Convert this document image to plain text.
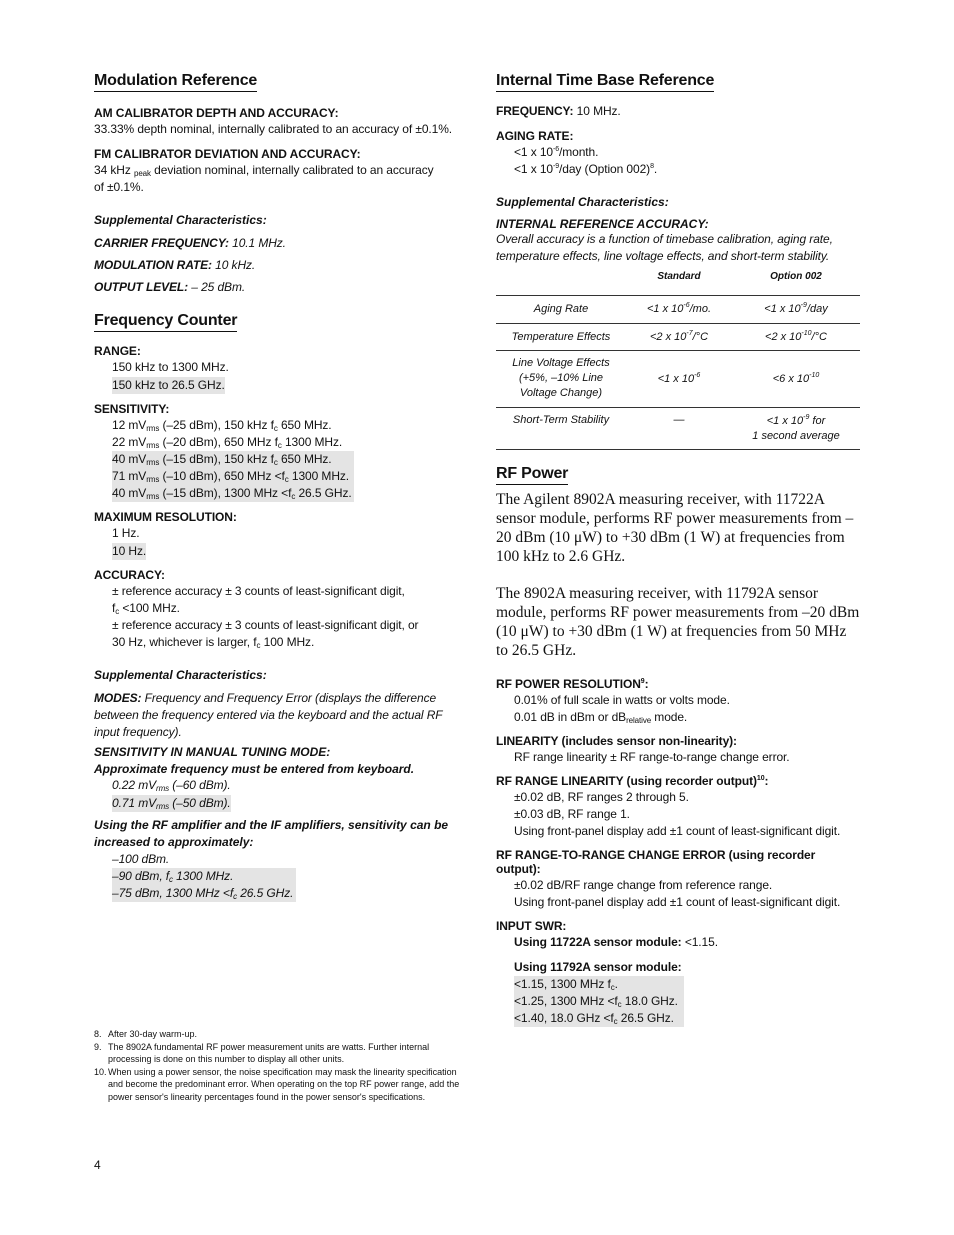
Modulation Reference

AM CALIBRATOR DEPTH AND ACCURACY:

33.33% depth nominal, internally calibrated to an accuracy of ±0.1%.

FM CALIBRATOR DEVIATION AND ACCURACY:

34 kHz $_{peak}$ deviation nominal, internally calibrated to an accuracy
of ±0.1%.
Supplemental Characteristics:
CARRIER FREQUENCY: 10.1 MHz.
MODULATION RATE: 10 kHz.
OUTPUT LEVEL: – 25 dBm.
Frequency Counter

RANGE:

150 kHz to 1300 MHz.
150 kHz to 26.5 GHz.

SENSITIVITY:

12 $mV_{rms}$ (–25 dBm), 150 kHz $f_c$ 650 MHz.
22 $mV_{rms}$ (–20 dBm), 650 MHz $f_c$ 1300 MHz.
40 $mV_{rms}$ (–15 dBm), 150 kHz $f_c$ 650 MHz.
71 $mV_{rms}$ (–10 dBm), 650 MHz $<f_c$ 1300 MHz.
40 $mV_{rms}$ (–15 dBm), 1300 MHz $<f_c$ 26.5 GHz.

MAXIMUM RESOLUTION:

1 Hz.
10 Hz.

ACCURACY:

± reference accuracy ± 3 counts of least-significant digit,
$f_c <100$ MHz.
± reference accuracy ± 3 counts of least-significant digit, or
30 Hz, whichever is larger, $f_c$ 100 MHz.
Supplemental Characteristics:
MODES: Frequency and Frequency Error (displays the difference between the frequency entered via the keyboard and the actual RF input frequency).
SENSITIVITY IN MANUAL TUNING MODE:
Approximate frequency must be entered from keyboard.
0.22 $mV_{rms}$ (–60 dBm).
0.71 $mV_{rms}$ (–50 dBm).
Using the RF amplifier and the IF amplifiers, sensitivity can be increased to approximately:
–100 dBm.
–90 dBm, $f_c$ 1300 MHz.
–75 dBm, 1300 MHz $<f_c$ 26.5 GHz.
8. After 30-day warm-up.
9. The 8902A fundamental RF power measurement units are watts. Further internal processing is done on this number to display all other units.
10. When using a power sensor, the noise specification may mask the linearity specification and become the predominant error. When operating on the top RF power range, add the power sensor's linearity percentages found in the power sensor's specifications.
4
Internal Time Base Reference
FREQUENCY: 10 MHz.

AGING RATE:

<1 x $10^{-6}$/month.
<1 x $10^{-9}$/day (Option 002)$^8$.
Supplemental Characteristics:
INTERNAL REFERENCE ACCURACY:
Overall accuracy is a function of timebase calibration, aging rate, temperature effects, line voltage effects, and short-term stability.
	Standard	Option 002
Aging Rate	<1 x $10^{-6}/mo$.	<1 x $10^{-9}$/day
Temperature Effects	<2 x $10^{-7}/^\circ C$	<2 x $10^{-10}/^\circ C$

Line Voltage Effects
(+5%, –10% Line
Voltage Change)	<1 x $10^{-6}$	<6 x $10^{-10}$
Short-Term Stability	—	<1 x $10^{-9}$ for
1 second average
RF Power
The Agilent 8902A measuring receiver, with 11722A sensor module, performs RF power measurements from –20 dBm (10 μW) to +30 dBm (1 W) at frequencies from 100 kHz to 2.6 GHz.
The 8902A measuring receiver, with 11792A sensor module, performs RF power measurements from –20 dBm (10 μW) to +30 dBm (1 W) at frequencies from 50 MHz to 26.5 GHz.

RF POWER RESOLUTION$^9$:

0.01% of full scale in watts or volts mode.
0.01 dB in dBm or $dB_{relative}$ mode.

LINEARITY (includes sensor non-linearity):

RF range linearity ± RF range-to-range change error.

RF RANGE LINEARITY (using recorder output)$^{10}$:

±0.02 dB, RF ranges 2 through 5.
±0.03 dB, RF range 1.
Using front-panel display add ±1 count of least-significant digit.

RF RANGE-TO-RANGE CHANGE ERROR (using recorder output):

±0.02 dB/RF range change from reference range.
Using front-panel display add ±1 count of least-significant digit.

INPUT SWR:

Using 11722A sensor module: <1.15.
Using 11792A sensor module:
<1.15, 1300 MHz $f_c$.
<1.25, 1300 MHz $<f_c$ 18.0 GHz.
<1.40, 18.0 GHz $<f_c$ 26.5 GHz.
